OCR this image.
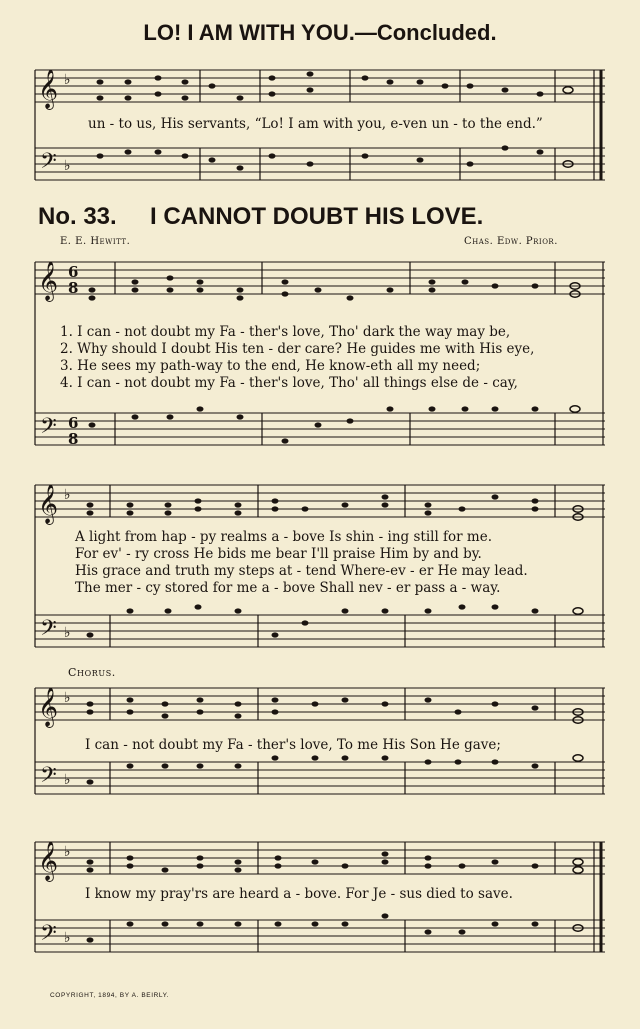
LO! I AM WITH YOU.—Concluded.
𝄞
𝄢
♭
♭
un - to us, His servants, “Lo! I am with you, e-ven un - to the end.”
No. 33. I CANNOT DOUBT HIS LOVE.
E. E. Hewitt.	Chas. Edw. Prior.
𝄞
𝄢
6
8
6
8
1. I can - not doubt my Fa - ther's love, Tho' dark the way may be,
2. Why should I doubt His ten - der care? He guides me with His eye,
3. He sees my path-way to the end, He know-eth all my need;
4. I can - not doubt my Fa - ther's love, Tho' all things else de - cay,
𝄞
𝄢
♭
♭
A light from hap - py realms a - bove Is shin - ing still for me.
For ev' - ry cross He bids me bear I'll praise Him by and by.
His grace and truth my steps at - tend Where-ev - er He may lead.
The mer - cy stored for me a - bove Shall nev - er pass a - way.
Chorus.
𝄞
𝄢
♭
♭
I can - not doubt my Fa - ther's love, To me His Son He gave;
𝄞
𝄢
♭
♭
I know my pray'rs are heard a - bove. For Je - sus died to save.
COPYRIGHT, 1894, BY A. BEIRLY.
